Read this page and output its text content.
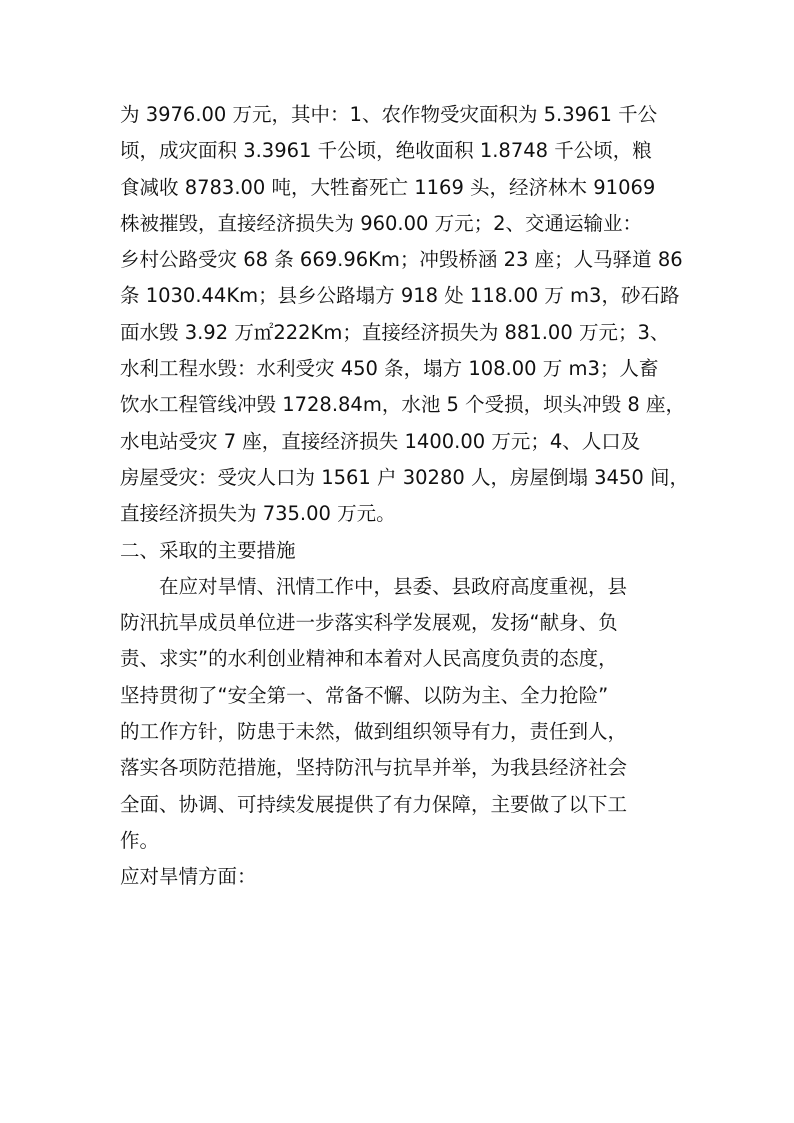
为 3976.00 万元，其中：1、农作物受灾面积为 5.3961 千公
顷，成灾面积 3.3961 千公顷，绝收面积 1.8748 千公顷，粮
食减收 8783.00 吨，大牲畜死亡 1169 头，经济林木 91069
株被摧毁，直接经济损失为 960.00 万元；2、交通运输业：
乡村公路受灾 68 条 669.96Km；冲毁桥涵 23 座；人马驿道 86
条 1030.44Km；县乡公路塌方 918 处 118.00 万 m3，砂石路
面水毁 3.92 万㎡222Km；直接经济损失为 881.00 万元；3、
水利工程水毁：水利受灾 450 条，塌方 108.00 万 m3；人畜
饮水工程管线冲毁 1728.84m，水池 5 个受损，坝头冲毁 8 座，
水电站受灾 7 座，直接经济损失 1400.00 万元；4、人口及
房屋受灾：受灾人口为 1561 户 30280 人，房屋倒塌 3450 间，
直接经济损失为 735.00 万元。
二、采取的主要措施
　　在应对旱情、汛情工作中，县委、县政府高度重视，县
防汛抗旱成员单位进一步落实科学发展观，发扬“献身、负
责、求实”的水利创业精神和本着对人民高度负责的态度，
坚持贯彻了“安全第一、常备不懈、以防为主、全力抢险”
的工作方针，防患于未然，做到组织领导有力，责任到人，
落实各项防范措施，坚持防汛与抗旱并举，为我县经济社会
全面、协调、可持续发展提供了有力保障，主要做了以下工
作。
应对旱情方面：
